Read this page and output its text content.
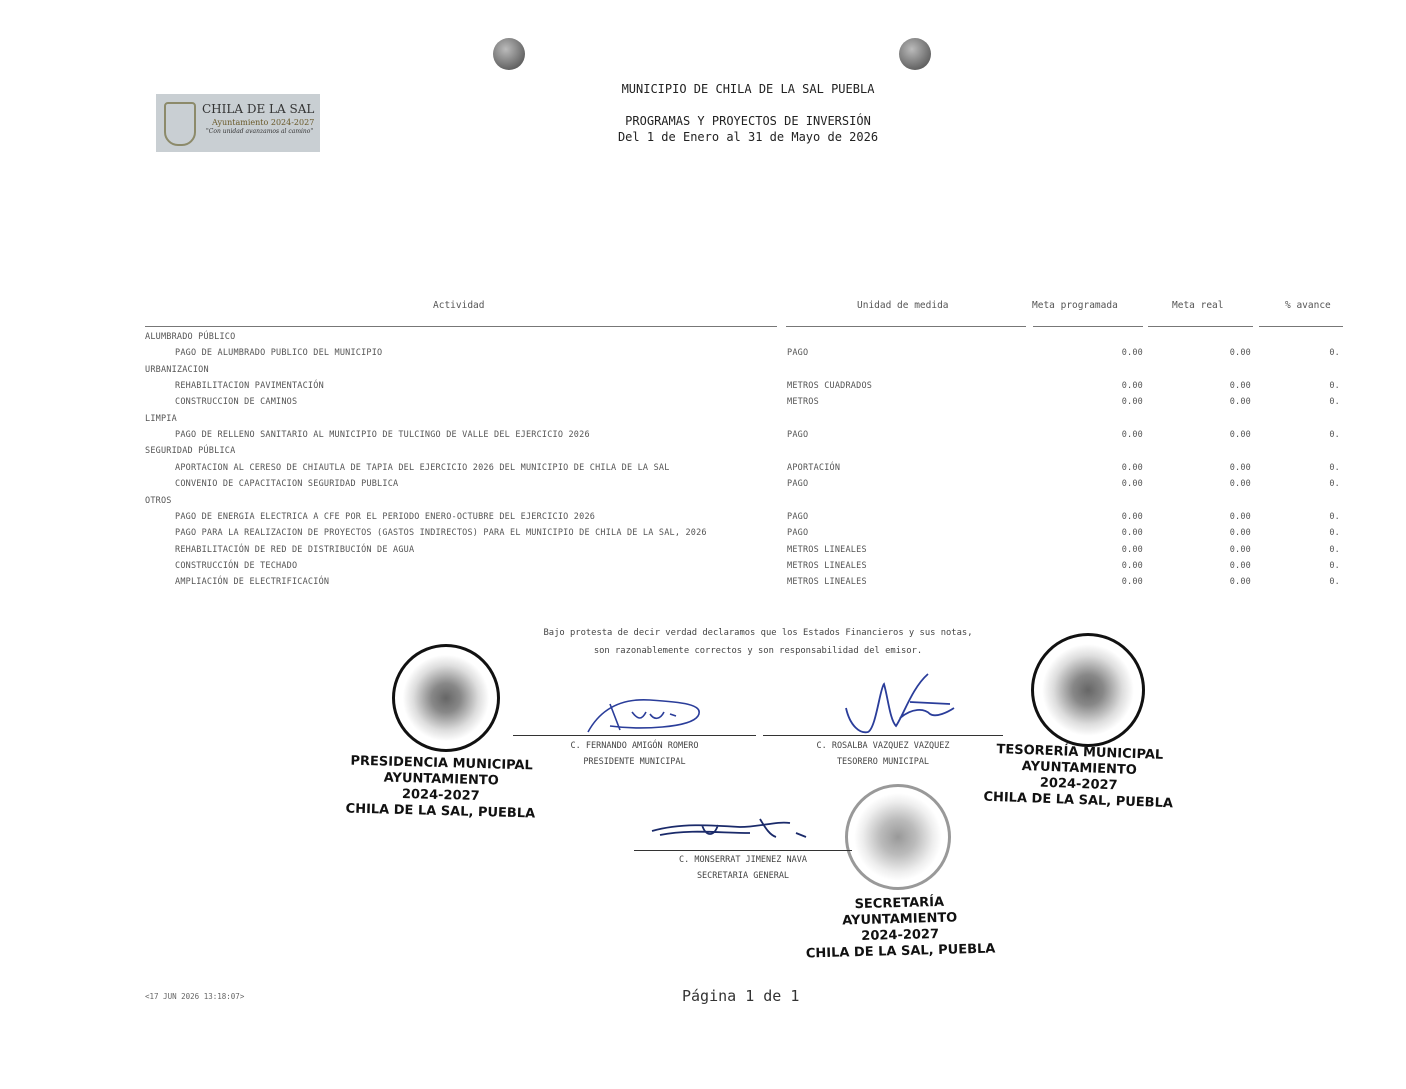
CHILA DE LA SAL
Ayuntamiento 2024-2027
"Con unidad avanzamos al camino"
MUNICIPIO DE CHILA DE LA SAL PUEBLA
PROGRAMAS Y PROYECTOS DE INVERSIÓN
Del 1 de Enero al 31 de Mayo de 2026
Actividad	Unidad de medida	Meta programada	Meta real	% avance
ALUMBRADO PÚBLICO
PAGO DE ALUMBRADO PUBLICO DEL MUNICIPIO	PAGO	0.00	0.00	0.
URBANIZACION
REHABILITACION PAVIMENTACIÓN	METROS CUADRADOS	0.00	0.00	0.
CONSTRUCCION DE CAMINOS	METROS	0.00	0.00	0.
LIMPIA
PAGO DE RELLENO SANITARIO AL MUNICIPIO DE TULCINGO DE VALLE DEL EJERCICIO 2026	PAGO	0.00	0.00	0.
SEGURIDAD PÚBLICA
APORTACION AL CERESO DE CHIAUTLA DE TAPIA DEL EJERCICIO 2026 DEL MUNICIPIO DE CHILA DE LA SAL	APORTACIÓN	0.00	0.00	0.
CONVENIO DE CAPACITACION SEGURIDAD PUBLICA	PAGO	0.00	0.00	0.
OTROS
PAGO DE ENERGIA ELECTRICA A CFE POR EL PERIODO ENERO-OCTUBRE DEL EJERCICIO 2026	PAGO	0.00	0.00	0.
PAGO PARA LA REALIZACION DE PROYECTOS (GASTOS INDIRECTOS) PARA EL MUNICIPIO DE CHILA DE LA SAL, 2026	PAGO	0.00	0.00	0.
REHABILITACIÓN DE RED DE DISTRIBUCIÓN DE AGUA	METROS LINEALES	0.00	0.00	0.
CONSTRUCCIÓN DE TECHADO	METROS LINEALES	0.00	0.00	0.
AMPLIACIÓN DE ELECTRIFICACIÓN	METROS LINEALES	0.00	0.00	0.
Bajo protesta de decir verdad declaramos que los Estados Financieros y sus notas,
son razonablemente correctos y son responsabilidad del emisor.
PRESIDENCIA MUNICIPAL
AYUNTAMIENTO
2024-2027
CHILA DE LA SAL, PUEBLA
TESORERÍA MUNICIPAL
AYUNTAMIENTO
2024-2027
CHILA DE LA SAL, PUEBLA
SECRETARÍA
AYUNTAMIENTO
2024-2027
CHILA DE LA SAL, PUEBLA
C. FERNANDO AMIGÓN ROMERO
PRESIDENTE MUNICIPAL
C. ROSALBA VAZQUEZ VAZQUEZ
TESORERO MUNICIPAL
C. MONSERRAT JIMENEZ NAVA
SECRETARIA GENERAL
<17 JUN 2026 13:18:07>	Página 1 de 1
